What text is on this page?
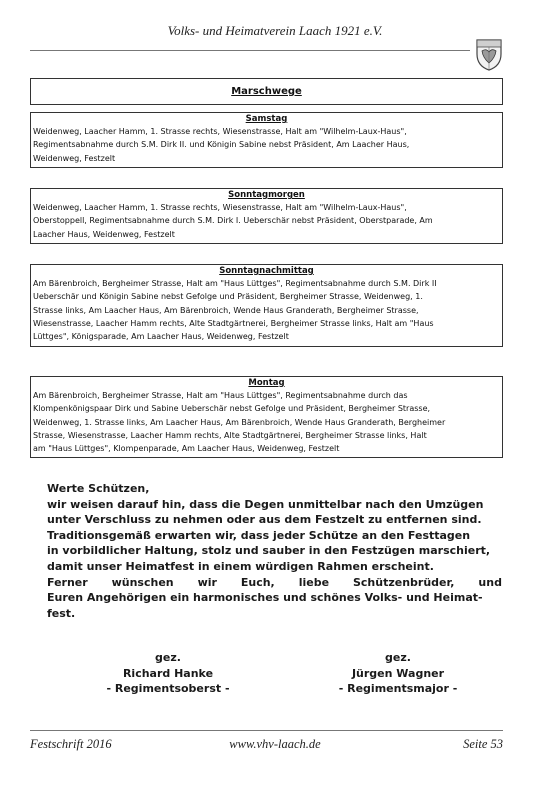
Volks- und Heimatverein Laach 1921 e.V.
Marschwege
Samstag
Weidenweg, Laacher Hamm, 1. Strasse rechts, Wiesenstrasse, Halt am "Wilhelm-Laux-Haus",
Regimentsabnahme durch S.M. Dirk II. und Königin Sabine nebst Präsident, Am Laacher Haus,
Weidenweg, Festzelt
Sonntagmorgen
Weidenweg, Laacher Hamm, 1. Strasse rechts, Wiesenstrasse, Halt am "Wilhelm-Laux-Haus",
Oberstoppell, Regimentsabnahme durch S.M. Dirk I. Ueberschär nebst Präsident, Oberstparade, Am
Laacher Haus, Weidenweg, Festzelt
Sonntagnachmittag
Am Bärenbroich, Bergheimer Strasse, Halt am "Haus Lüttges", Regimentsabnahme durch S.M. Dirk II
Ueberschär und Königin Sabine nebst Gefolge und Präsident, Bergheimer Strasse, Weidenweg, 1.
Strasse links, Am Laacher Haus, Am Bärenbroich, Wende Haus Granderath, Bergheimer Strasse,
Wiesenstrasse, Laacher Hamm rechts, Alte Stadtgärtnerei, Bergheimer Strasse links, Halt am "Haus
Lüttges", Königsparade, Am Laacher Haus, Weidenweg, Festzelt
Montag
Am Bärenbroich, Bergheimer Strasse, Halt am "Haus Lüttges", Regimentsabnahme durch das
Klompenkönigspaar Dirk und Sabine Ueberschär nebst Gefolge und Präsident, Bergheimer Strasse,
Weidenweg, 1. Strasse links, Am Laacher Haus, Am Bärenbroich, Wende Haus Granderath, Bergheimer
Strasse, Wiesenstrasse, Laacher Hamm rechts, Alte Stadtgärtnerei, Bergheimer Strasse links, Halt
am "Haus Lüttges", Klompenparade, Am Laacher Haus, Weidenweg, Festzelt
Werte Schützen,
wir weisen darauf hin, dass die Degen unmittelbar nach den Umzügen
unter Verschluss zu nehmen oder aus dem Festzelt zu entfernen sind.
Traditionsgemäß erwarten wir, dass jeder Schütze an den Festtagen
in vorbildlicher Haltung, stolz und sauber in den Festzügen marschiert,
damit unser Heimatfest in einem würdigen Rahmen erscheint.
Ferner wünschen wir Euch, liebe Schützenbrüder, und
Euren Angehörigen ein harmonisches und schönes Volks- und Heimat-
fest.
gez.
Richard Hanke
- Regimentsoberst -
gez.
Jürgen Wagner
- Regimentsmajor -
Festschrift 2016	www.vhv-laach.de	Seite 53
